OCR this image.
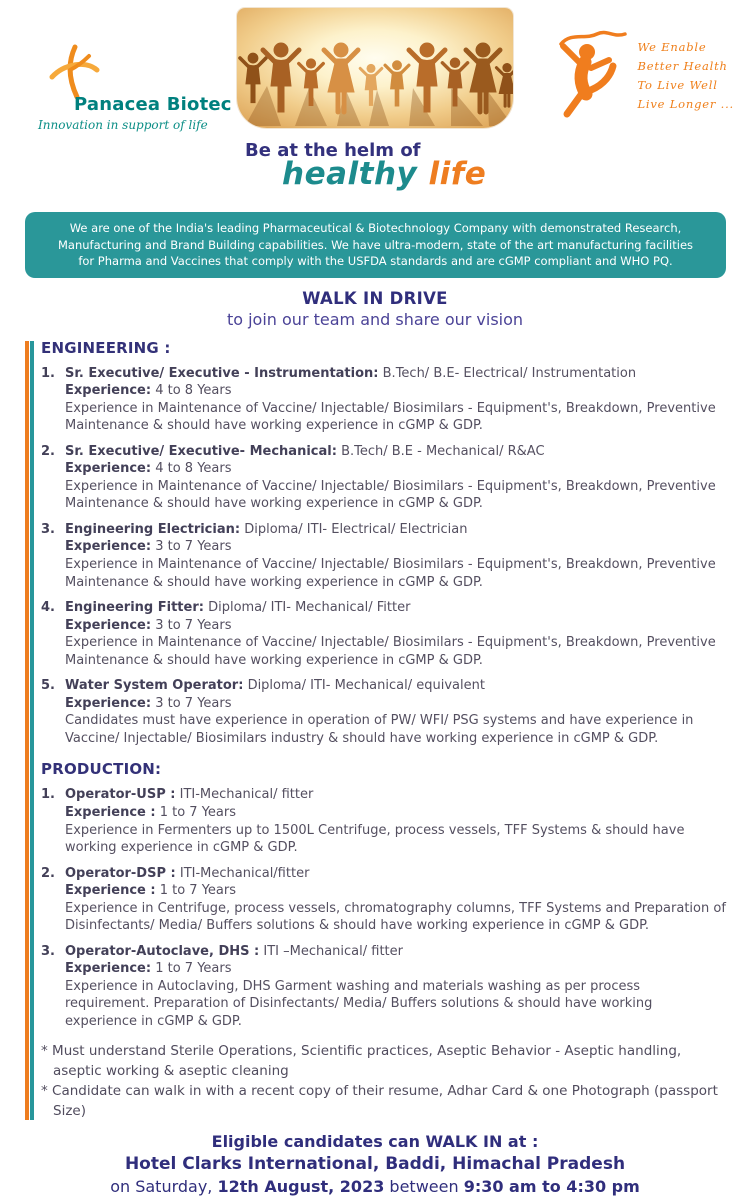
Panacea Biotec
Innovation in support of life
Be at the helm of
healthy life
We Enable
Better Health
To Live Well
Live Longer ...
We are one of the India's leading Pharmaceutical & Biotechnology Company with demonstrated Research, Manufacturing and Brand Building capabilities. We have ultra-modern, state of the art manufacturing facilities for Pharma and Vaccines that comply with the USFDA standards and are cGMP compliant and WHO PQ.
WALK IN DRIVE
to join our team and share our vision
ENGINEERING :
1. Sr. Executive/ Executive - Instrumentation: B.Tech/ B.E- Electrical/ Instrumentation
Experience: 4 to 8 Years
Experience in Maintenance of Vaccine/ Injectable/ Biosimilars - Equipment's, Breakdown, Preventive Maintenance & should have working experience in cGMP & GDP.
2. Sr. Executive/ Executive- Mechanical: B.Tech/ B.E - Mechanical/ R&AC
Experience: 4 to 8 Years
Experience in Maintenance of Vaccine/ Injectable/ Biosimilars - Equipment's, Breakdown, Preventive Maintenance & should have working experience in cGMP & GDP.
3. Engineering Electrician: Diploma/ ITI- Electrical/ Electrician
Experience: 3 to 7 Years
Experience in Maintenance of Vaccine/ Injectable/ Biosimilars - Equipment's, Breakdown, Preventive Maintenance & should have working experience in cGMP & GDP.
4. Engineering Fitter: Diploma/ ITI- Mechanical/ Fitter
Experience: 3 to 7 Years
Experience in Maintenance of Vaccine/ Injectable/ Biosimilars - Equipment's, Breakdown, Preventive Maintenance & should have working experience in cGMP & GDP.
5. Water System Operator: Diploma/ ITI- Mechanical/ equivalent
Experience: 3 to 7 Years
Candidates must have experience in operation of PW/ WFI/ PSG systems and have experience in Vaccine/ Injectable/ Biosimilars industry & should have working experience in cGMP & GDP.
PRODUCTION:
1. Operator-USP : ITI-Mechanical/ fitter
Experience : 1 to 7 Years
Experience in Fermenters up to 1500L Centrifuge, process vessels, TFF Systems & should have working experience in cGMP & GDP.
2. Operator-DSP : ITI-Mechanical/fitter
Experience : 1 to 7 Years
Experience in Centrifuge, process vessels, chromatography columns, TFF Systems and Preparation of Disinfectants/ Media/ Buffers solutions & should have working experience in cGMP & GDP.
3. Operator-Autoclave, DHS : ITI –Mechanical/ fitter
Experience: 1 to 7 Years
Experience in Autoclaving, DHS Garment washing and materials washing as per process requirement. Preparation of Disinfectants/ Media/ Buffers solutions & should have working experience in cGMP & GDP.
* Must understand Sterile Operations, Scientific practices, Aseptic Behavior - Aseptic handling, aseptic working & aseptic cleaning
* Candidate can walk in with a recent copy of their resume, Adhar Card & one Photograph (passport Size)
Eligible candidates can WALK IN at :
Hotel Clarks International, Baddi, Himachal Pradesh
on Saturday, 12th August, 2023 between 9:30 am to 4:30 pm
